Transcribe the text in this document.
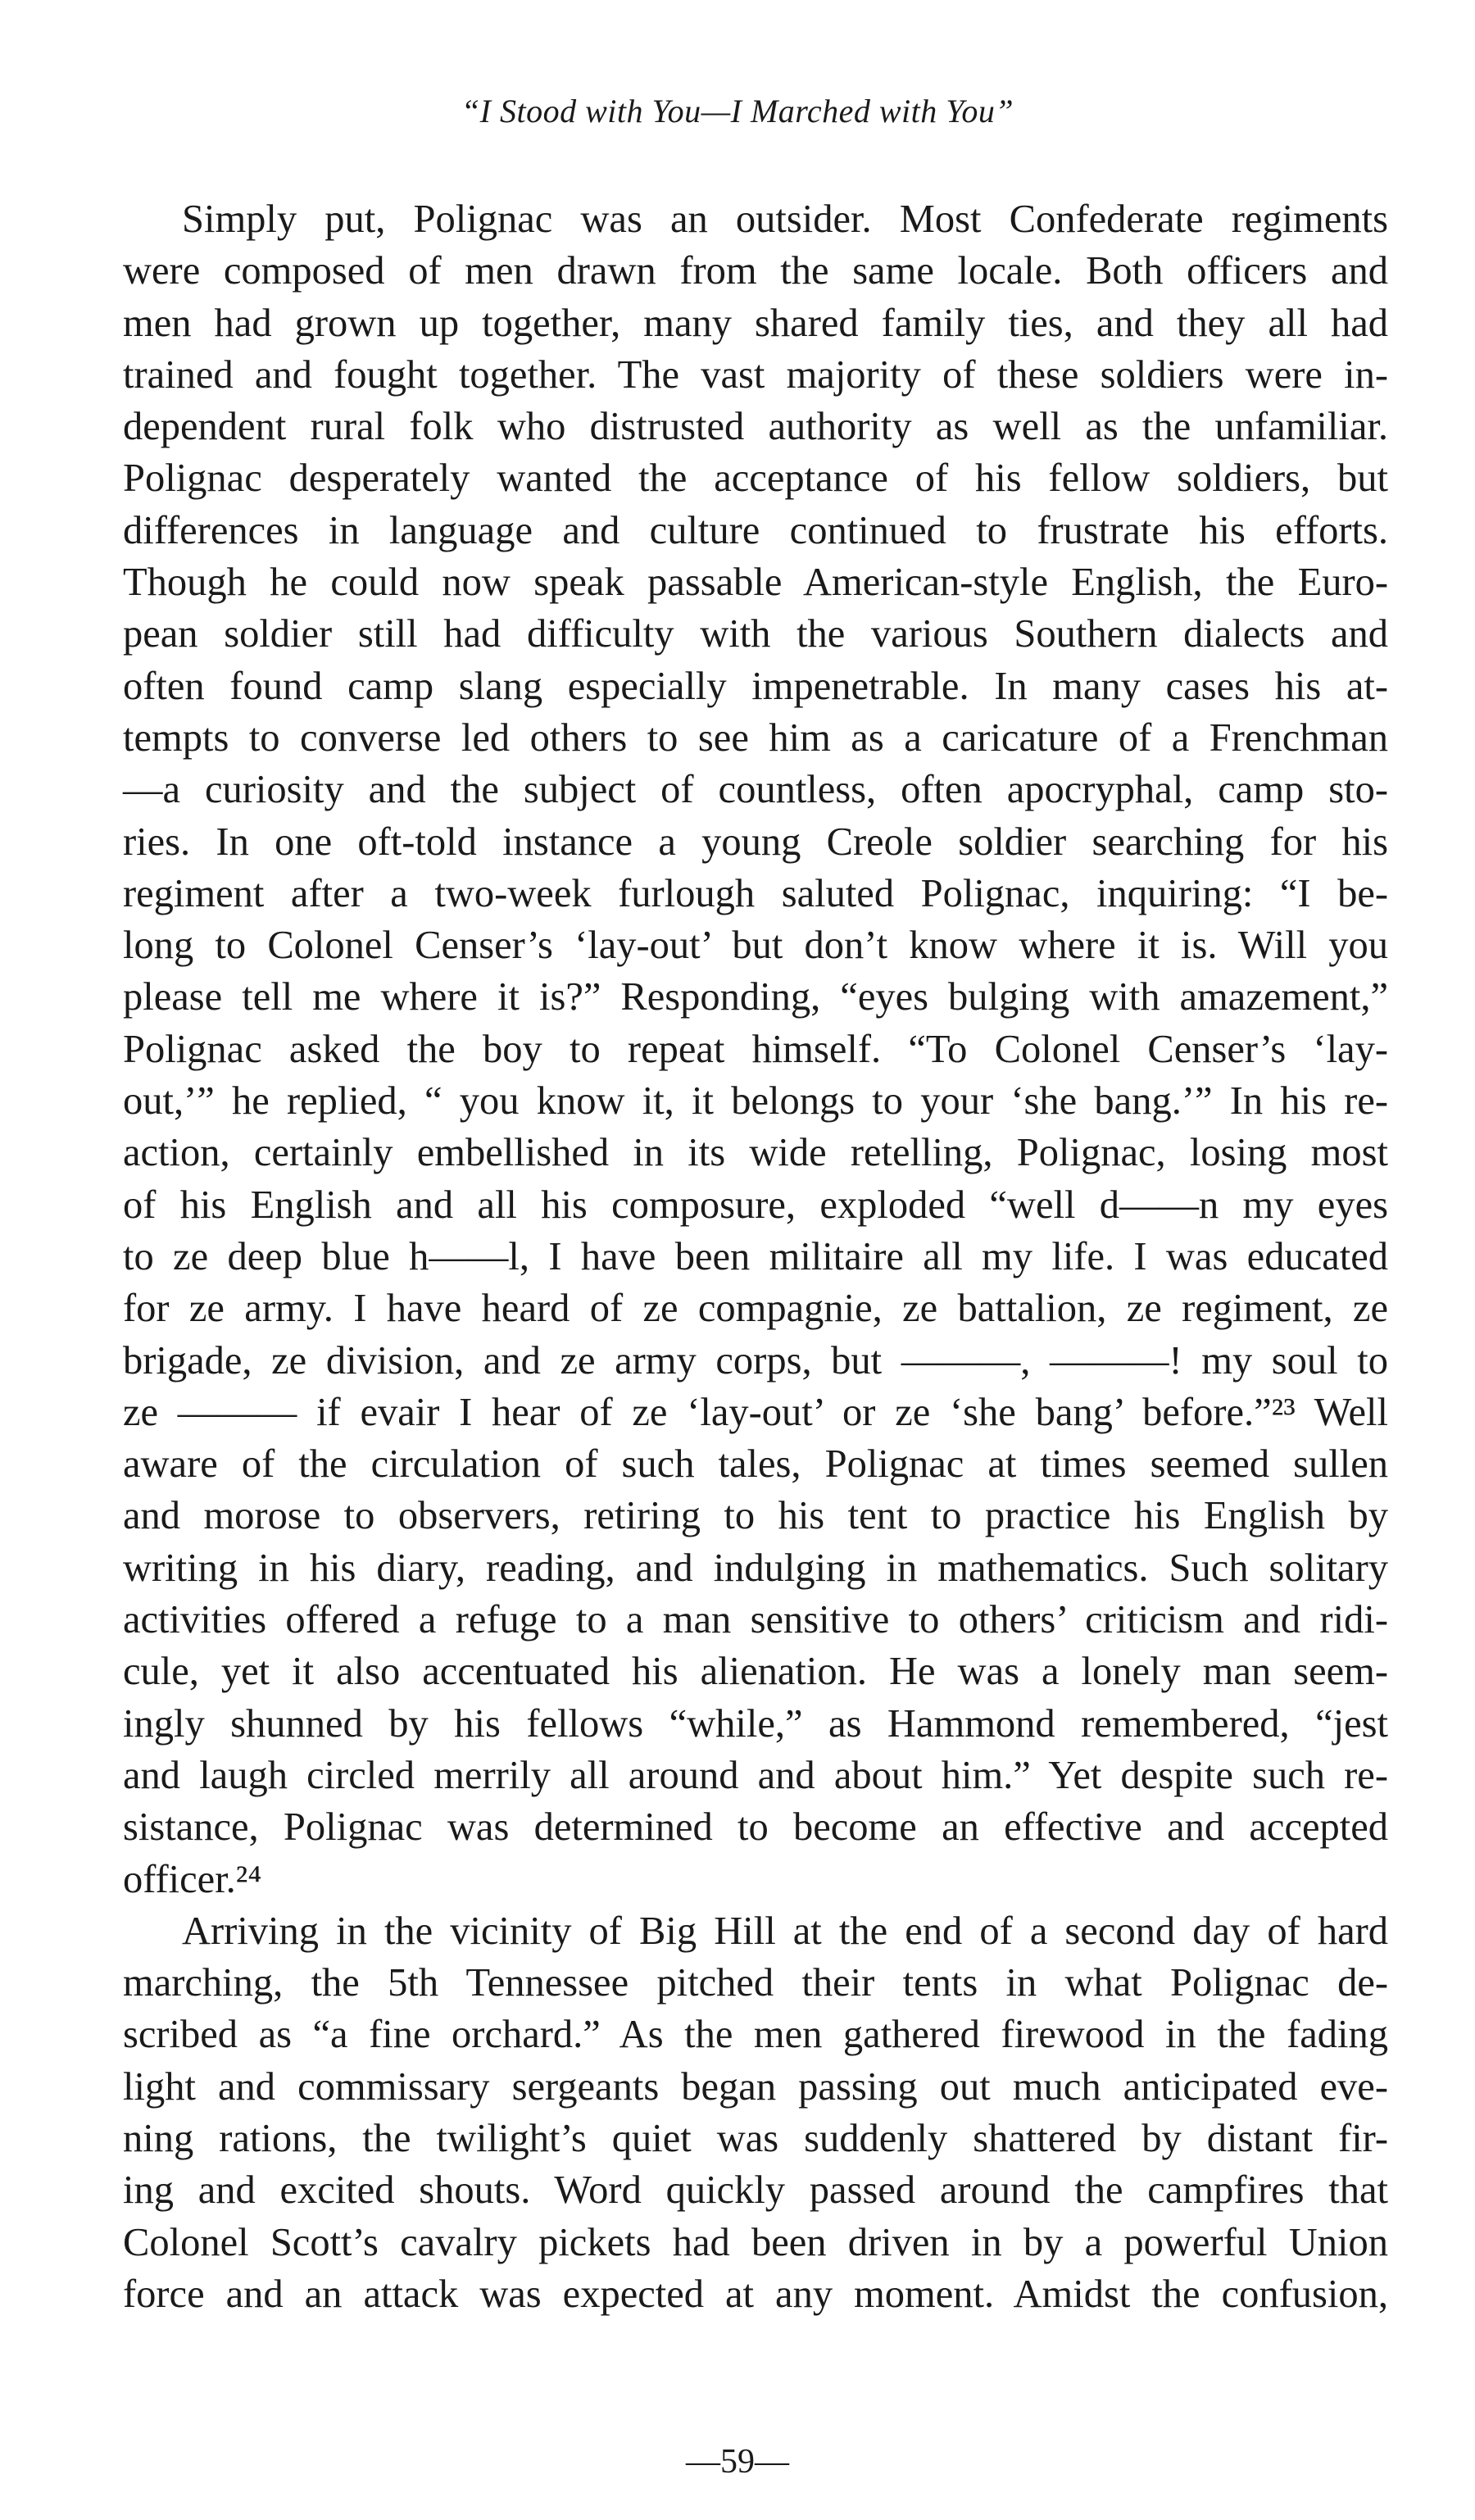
“I Stood with You—I Marched with You”
Simply put, Polignac was an outsider. Most Confederate regiments
were composed of men drawn from the same locale. Both officers and
men had grown up together, many shared family ties, and they all had
trained and fought together. The vast majority of these soldiers were in-
dependent rural folk who distrusted authority as well as the unfamiliar.
Polignac desperately wanted the acceptance of his fellow soldiers, but
differences in language and culture continued to frustrate his efforts.
Though he could now speak passable American-style English, the Euro-
pean soldier still had difficulty with the various Southern dialects and
often found camp slang especially impenetrable. In many cases his at-
tempts to converse led others to see him as a caricature of a Frenchman
—a curiosity and the subject of countless, often apocryphal, camp sto-
ries. In one oft-told instance a young Creole soldier searching for his
regiment after a two-week furlough saluted Polignac, inquiring: “I be-
long to Colonel Censer’s ‘lay-out’ but don’t know where it is. Will you
please tell me where it is?” Responding, “eyes bulging with amazement,”
Polignac asked the boy to repeat himself. “To Colonel Censer’s ‘lay-
out,’” he replied, “ you know it, it belongs to your ‘she bang.’” In his re-
action, certainly embellished in its wide retelling, Polignac, losing most
of his English and all his composure, exploded “well d——n my eyes
to ze deep blue h——l, I have been militaire all my life. I was educated
for ze army. I have heard of ze compagnie, ze battalion, ze regiment, ze
brigade, ze division, and ze army corps, but ———, ———! my soul to
ze ——— if evair I hear of ze ‘lay-out’ or ze ‘she bang’ before.”²³ Well
aware of the circulation of such tales, Polignac at times seemed sullen
and morose to observers, retiring to his tent to practice his English by
writing in his diary, reading, and indulging in mathematics. Such solitary
activities offered a refuge to a man sensitive to others’ criticism and ridi-
cule, yet it also accentuated his alienation. He was a lonely man seem-
ingly shunned by his fellows “while,” as Hammond remembered, “jest
and laugh circled merrily all around and about him.” Yet despite such re-
sistance, Polignac was determined to become an effective and accepted
officer.²⁴
Arriving in the vicinity of Big Hill at the end of a second day of hard
marching, the 5th Tennessee pitched their tents in what Polignac de-
scribed as “a fine orchard.” As the men gathered firewood in the fading
light and commissary sergeants began passing out much anticipated eve-
ning rations, the twilight’s quiet was suddenly shattered by distant fir-
ing and excited shouts. Word quickly passed around the campfires that
Colonel Scott’s cavalry pickets had been driven in by a powerful Union
force and an attack was expected at any moment. Amidst the confusion,
—59—
